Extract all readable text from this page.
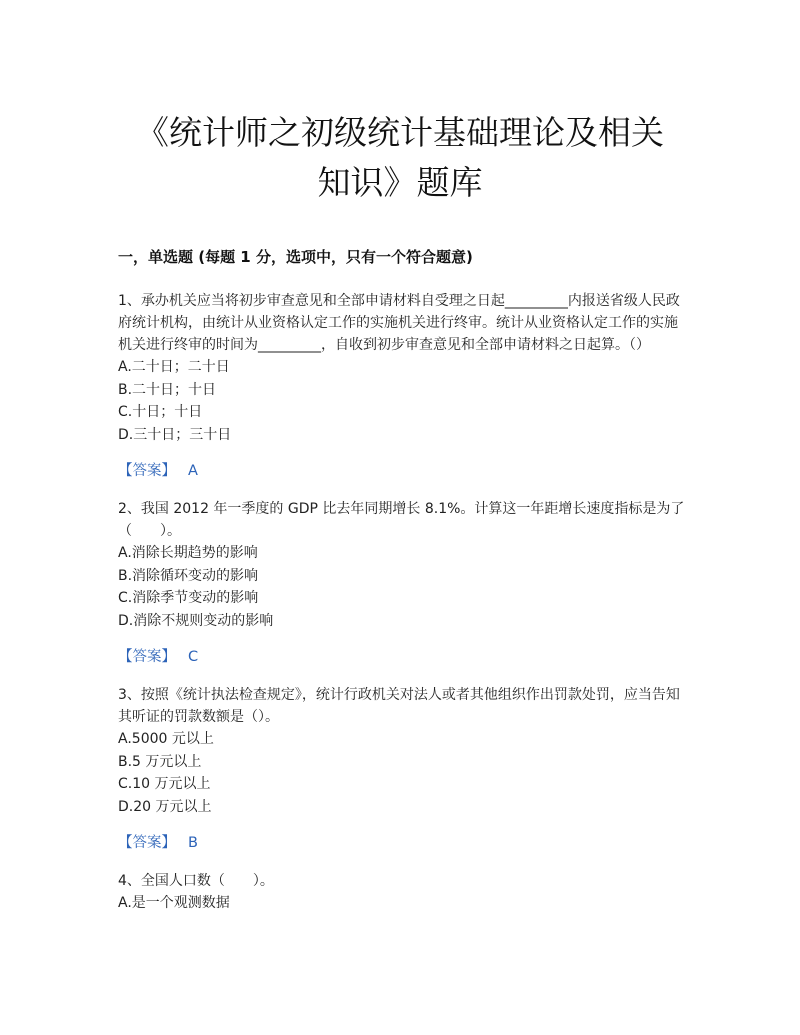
《统计师之初级统计基础理论及相关
知识》题库
一，单选题 (每题 1 分，选项中，只有一个符合题意)

1、承办机关应当将初步审查意见和全部申请材料自受理之日起_________内报送省级人民政府统计机构，由统计从业资格认定工作的实施机关进行终审。统计从业资格认定工作的实施机关进行终审的时间为_________，自收到初步审查意见和全部申请材料之日起算。（）

A.二十日；二十日

B.二十日；十日

C.十日；十日

D.三十日；三十日

【答案】 A

2、我国 2012 年一季度的 GDP 比去年同期增长 8.1%。计算这一年距增长速度指标是为了（　　）。

A.消除长期趋势的影响

B.消除循环变动的影响

C.消除季节变动的影响

D.消除不规则变动的影响

【答案】 C

3、按照《统计执法检查规定》，统计行政机关对法人或者其他组织作出罚款处罚，应当告知其听证的罚款数额是（）。

A.5000 元以上

B.5 万元以上

C.10 万元以上

D.20 万元以上

【答案】 B

4、全国人口数（　　）。

A.是一个观测数据
